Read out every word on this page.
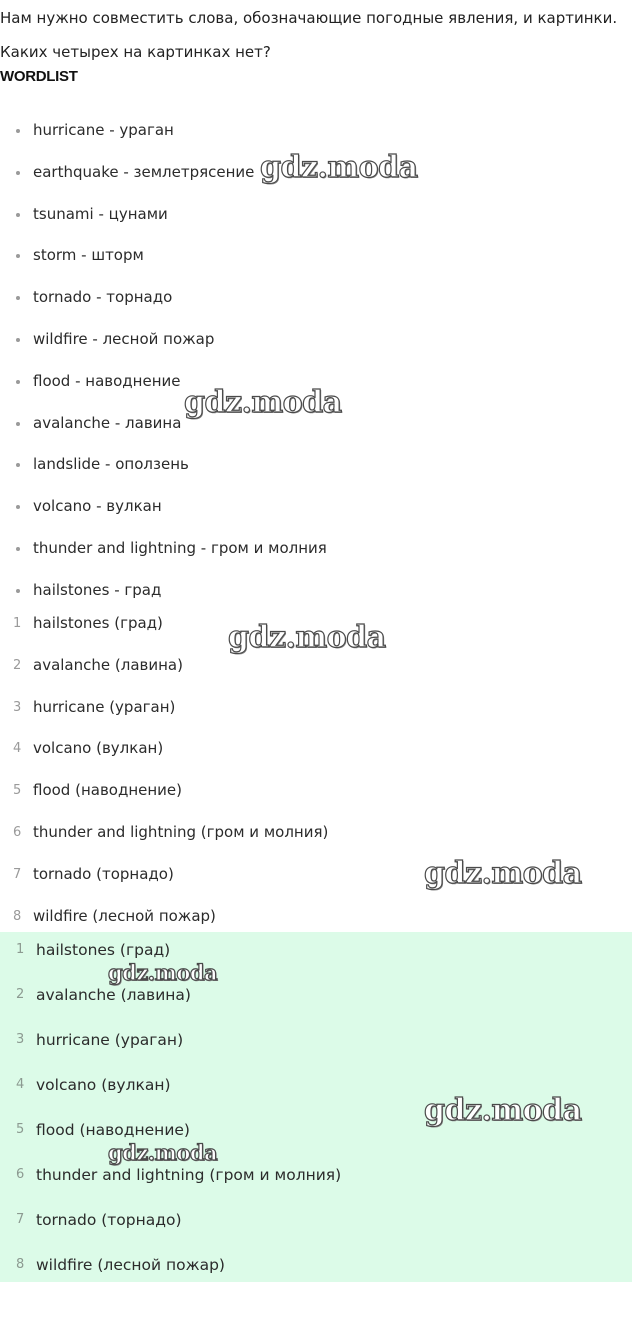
Нам нужно совместить слова, обозначающие погодные явления, и картинки.

Каких четырех на картинках нет?

WORDLIST
hurricane - ураган
earthquake - землетрясение
tsunami - цунами
storm - шторм
tornado - торнадо
wildfire - лесной пожар
flood - наводнение
avalanche - лавина
landslide - оползень
volcano - вулкан
thunder and lightning - гром и молния
hailstones - град
1 hailstones (град)
2 avalanche (лавина)
3 hurricane (ураган)
4 volcano (вулкан)
5 flood (наводнение)
6 thunder and lightning (гром и молния)
7 tornado (торнадо)
8 wildfire (лесной пожар)
1 hailstones (град)
2 avalanche (лавина)
3 hurricane (ураган)
4 volcano (вулкан)
5 flood (наводнение)
6 thunder and lightning (гром и молния)
7 tornado (торнадо)
8 wildfire (лесной пожар)
gdz.moda
gdz.moda
gdz.moda
gdz.moda
gdz.moda
gdz.moda
gdz.moda
